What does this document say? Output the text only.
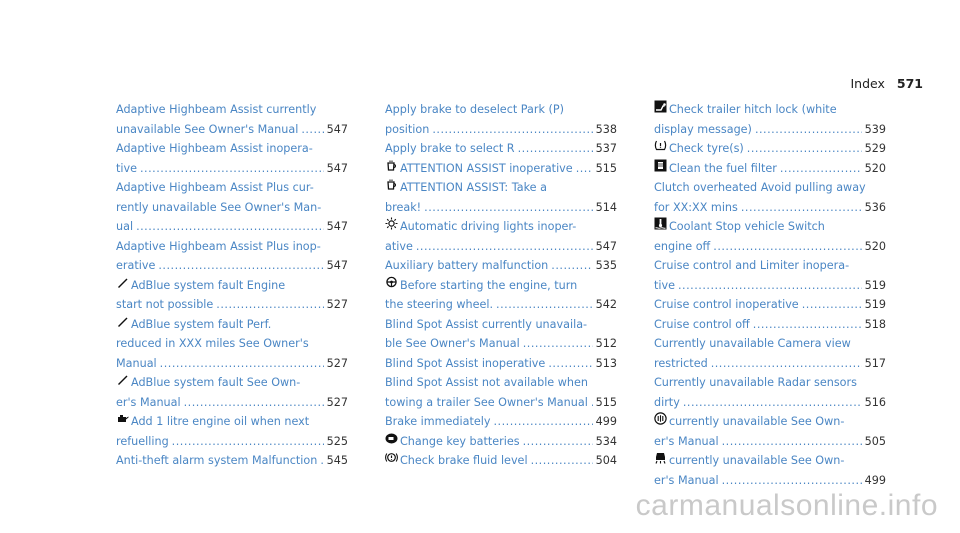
Index 571
Adaptive Highbeam Assist currently
unavailable See Owner's Manual .....	547
Adaptive Highbeam Assist inopera-
tive .....	547
Adaptive Highbeam Assist Plus cur-
rently unavailable See Owner's Man-
ual .....	547
Adaptive Highbeam Assist Plus inop-
erative .....	547
AdBlue system fault Engine
start not possible .....	527
AdBlue system fault Perf.
reduced in XXX miles See Owner's
Manual .....	527
AdBlue system fault See Own-
er's Manual .....	527
Add 1 litre engine oil when next
refuelling .....	525
Anti-theft alarm system Malfunction ..... 545
Apply brake to deselect Park (P)
position .....	538
Apply brake to select R .....	537
ATTENTION ASSIST inoperative ..... 515
ATTENTION ASSIST: Take a
break! .....	514
Automatic driving lights inoper-
ative .....	547
Auxiliary battery malfunction .....	535
Before starting the engine, turn
the steering wheel. .....	542
Blind Spot Assist currently unavaila-
ble See Owner's Manual .....	512
Blind Spot Assist inoperative .....	513
Blind Spot Assist not available when
towing a trailer See Owner's Manual ..... 515
Brake immediately .....	499
Change key batteries .....	534
Check brake fluid level .....	504
Check trailer hitch lock (white
display message) .....	539
Check tyre(s) .....	529
Clean the fuel filter .....	520
Clutch overheated Avoid pulling away
for XX:XX mins .....	536
Coolant Stop vehicle Switch
engine off .....	520
Cruise control and Limiter inopera-
tive .....	519
Cruise control inoperative .....	519
Cruise control off .....	518
Currently unavailable Camera view
restricted .....	517
Currently unavailable Radar sensors
dirty .....	516
currently unavailable See Own-
er's Manual .....	505
currently unavailable See Own-
er's Manual .....	499
carmanualsonline.info
